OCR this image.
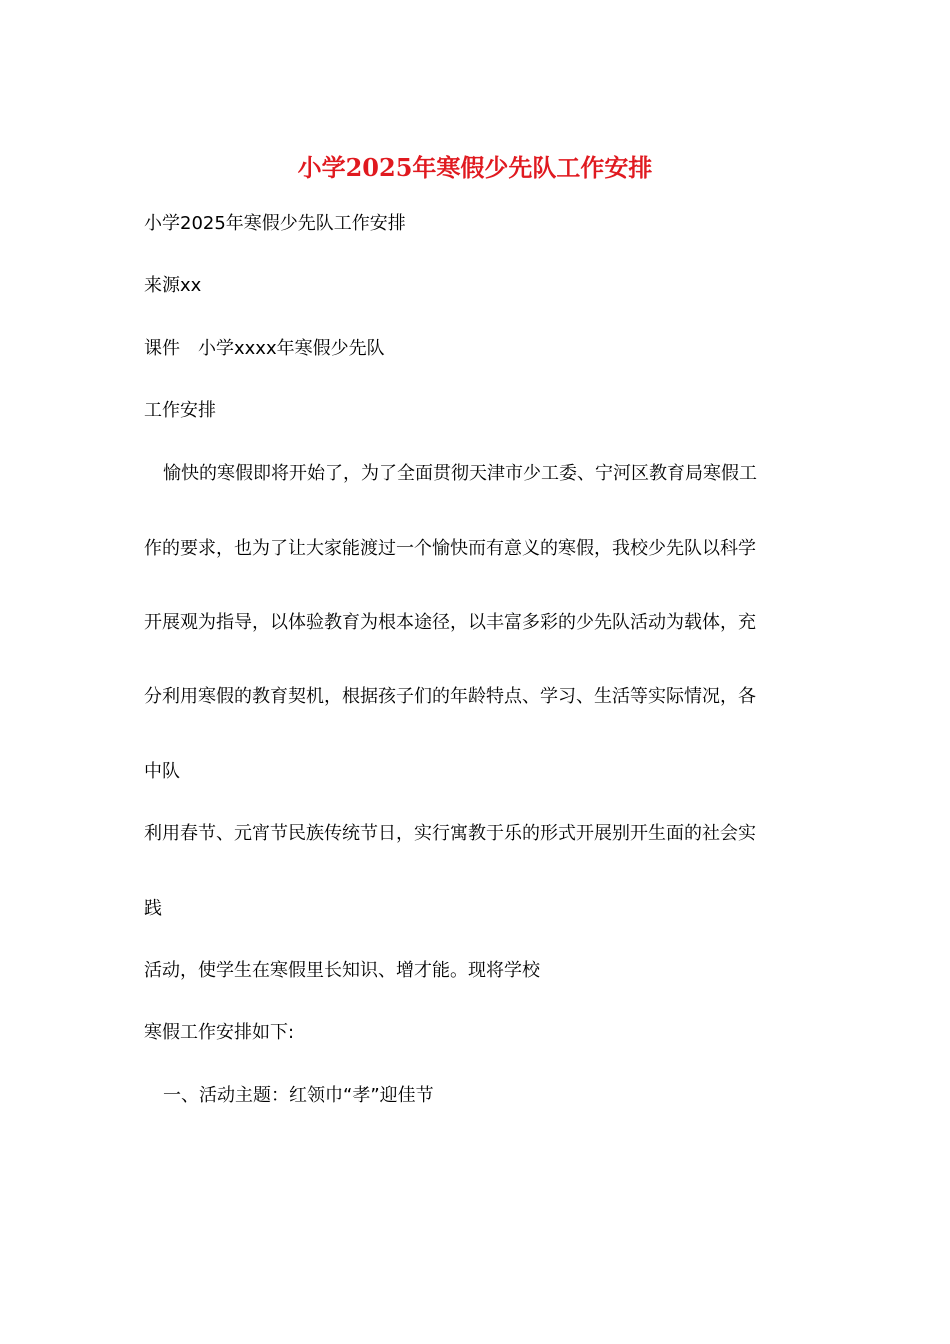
小学2025年寒假少先队工作安排

小学2025年寒假少先队工作安排

来源xx

课件 小学xxxx年寒假少先队

工作安排

愉快的寒假即将开始了，为了全面贯彻天津市少工委、宁河区教育局寒假工

作的要求，也为了让大家能渡过一个愉快而有意义的寒假，我校少先队以科学

开展观为指导，以体验教育为根本途径，以丰富多彩的少先队活动为载体，充

分利用寒假的教育契机，根据孩子们的年龄特点、学习、生活等实际情况，各

中队

利用春节、元宵节民族传统节日，实行寓教于乐的形式开展别开生面的社会实

践

活动，使学生在寒假里长知识、增才能。现将学校

寒假工作安排如下:

一、活动主题：红领巾“孝”迎佳节
